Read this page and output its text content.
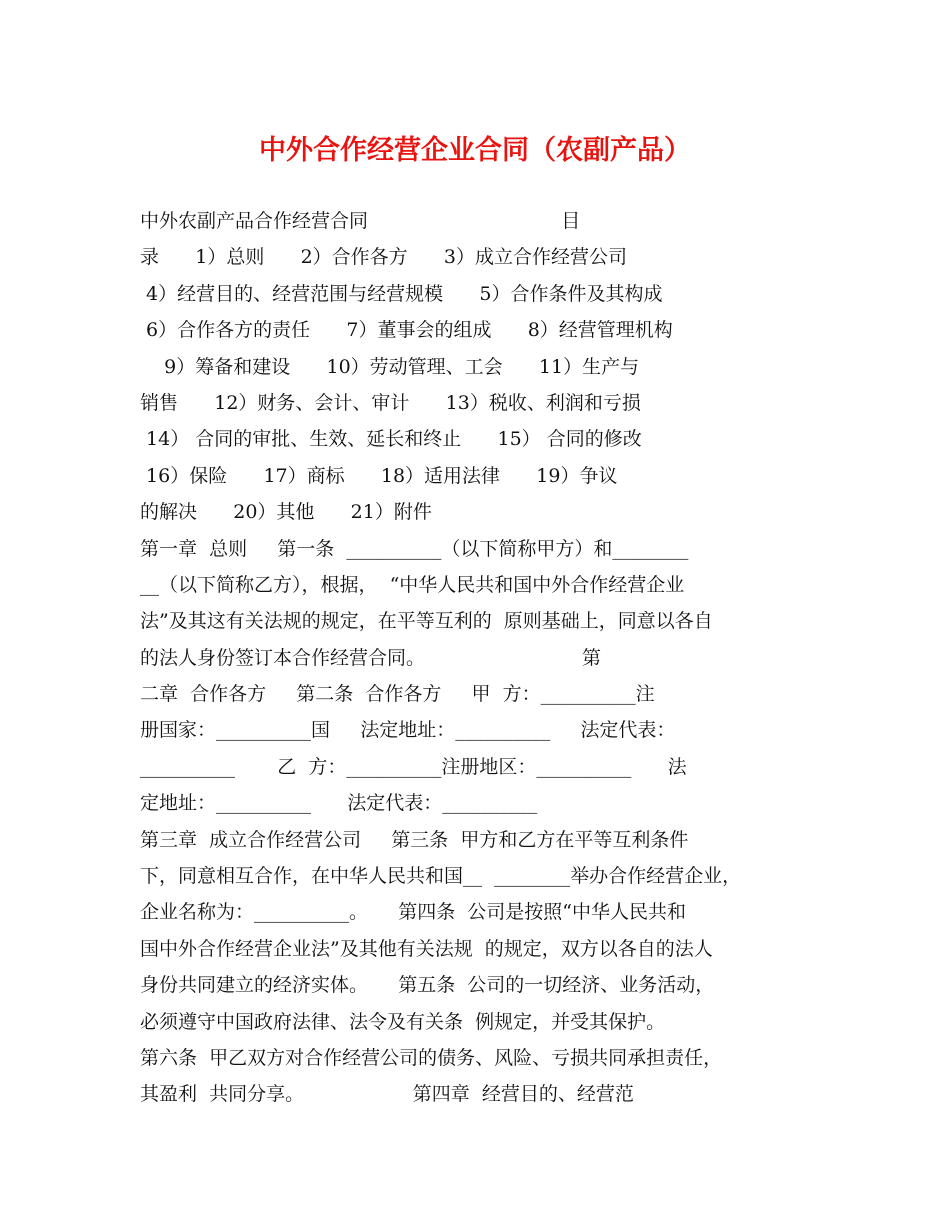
中外合作经营企业合同（农副产品）
中外农副产品合作经营合同                                目
录      1）总则      2）合作各方      3）成立合作经营公司
4）经营目的、经营范围与经营规模      5）合作条件及其构成
6）合作各方的责任      7）董事会的组成      8）经营管理机构
9）筹备和建设      10）劳动管理、工会      11）生产与
销售      12）财务、会计、审计      13）税收、利润和亏损
14） 合同的审批、生效、延长和终止      15） 合同的修改
16）保险      17）商标      18）适用法律      19）争议
的解决      20）其他      21）附件
第一章  总则     第一条  __________（以下简称甲方）和________
__（以下简称乙方），根据，  “中华人民共和国中外合作经营企业
法”及其这有关法规的规定，在平等互利的  原则基础上，同意以各自
的法人身份签订本合作经营合同。                          第
二章  合作各方     第二条  合作各方     甲  方：__________注
册国家：__________国     法定地址：__________     法定代表：
__________       乙  方：__________注册地区：__________      法
定地址：__________      法定代表：__________
第三章  成立合作经营公司     第三条  甲方和乙方在平等互利条件
下，同意相互合作，在中华人民共和国__  ________举办合作经营企业，
企业名称为：__________。     第四条  公司是按照“中华人民共和
国中外合作经营企业法”及其他有关法规  的规定，双方以各自的法人
身份共同建立的经济实体。     第五条  公司的一切经济、业务活动，
必须遵守中国政府法律、法令及有关条  例规定，并受其保护。
第六条  甲乙双方对合作经营公司的债务、风险、亏损共同承担责任，
其盈利  共同分享。                  第四章  经营目的、经营范
